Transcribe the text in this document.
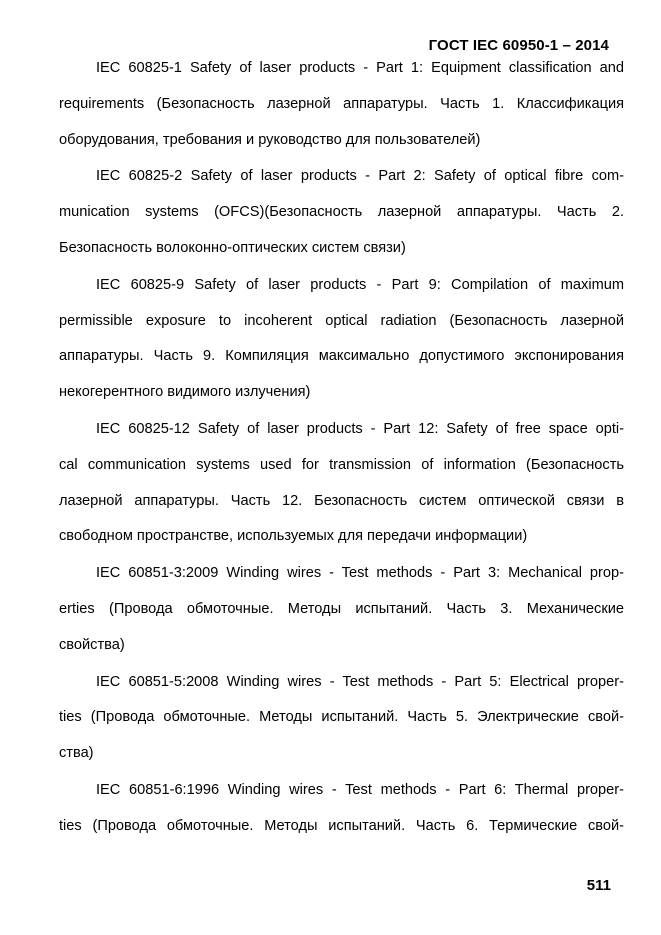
ГОСТ IEC 60950-1 – 2014
IEC 60825-1 Safety of laser products - Part 1: Equipment classification and
requirements (Безопасность лазерной аппаратуры. Часть 1. Классификация
оборудования, требования и руководство для пользователей)
IEC 60825-2 Safety of laser products - Part 2: Safety of optical fibre com-
munication systems (OFCS)(Безопасность лазерной аппаратуры. Часть 2.
Безопасность волоконно-оптических систем связи)
IEC 60825-9 Safety of laser products - Part 9: Compilation of maximum
permissible exposure to incoherent optical radiation (Безопасность лазерной
аппаратуры. Часть 9. Компиляция максимально допустимого экспонирования
некогерентного видимого излучения)
IEC 60825-12 Safety of laser products - Part 12: Safety of free space opti-
cal communication systems used for transmission of information (Безопасность
лазерной аппаратуры. Часть 12. Безопасность систем оптической связи в
свободном пространстве, используемых для передачи информации)
IEC 60851-3:2009 Winding wires - Test methods - Part 3: Mechanical prop-
erties (Провода обмоточные. Методы испытаний. Часть 3. Механические
свойства)
IEC 60851-5:2008 Winding wires - Test methods - Part 5: Electrical proper-
ties (Провода обмоточные. Методы испытаний. Часть 5. Электрические свой-
ства)
IEC 60851-6:1996 Winding wires - Test methods - Part 6: Thermal proper-
ties (Провода обмоточные. Методы испытаний. Часть 6. Термические свой-
511
